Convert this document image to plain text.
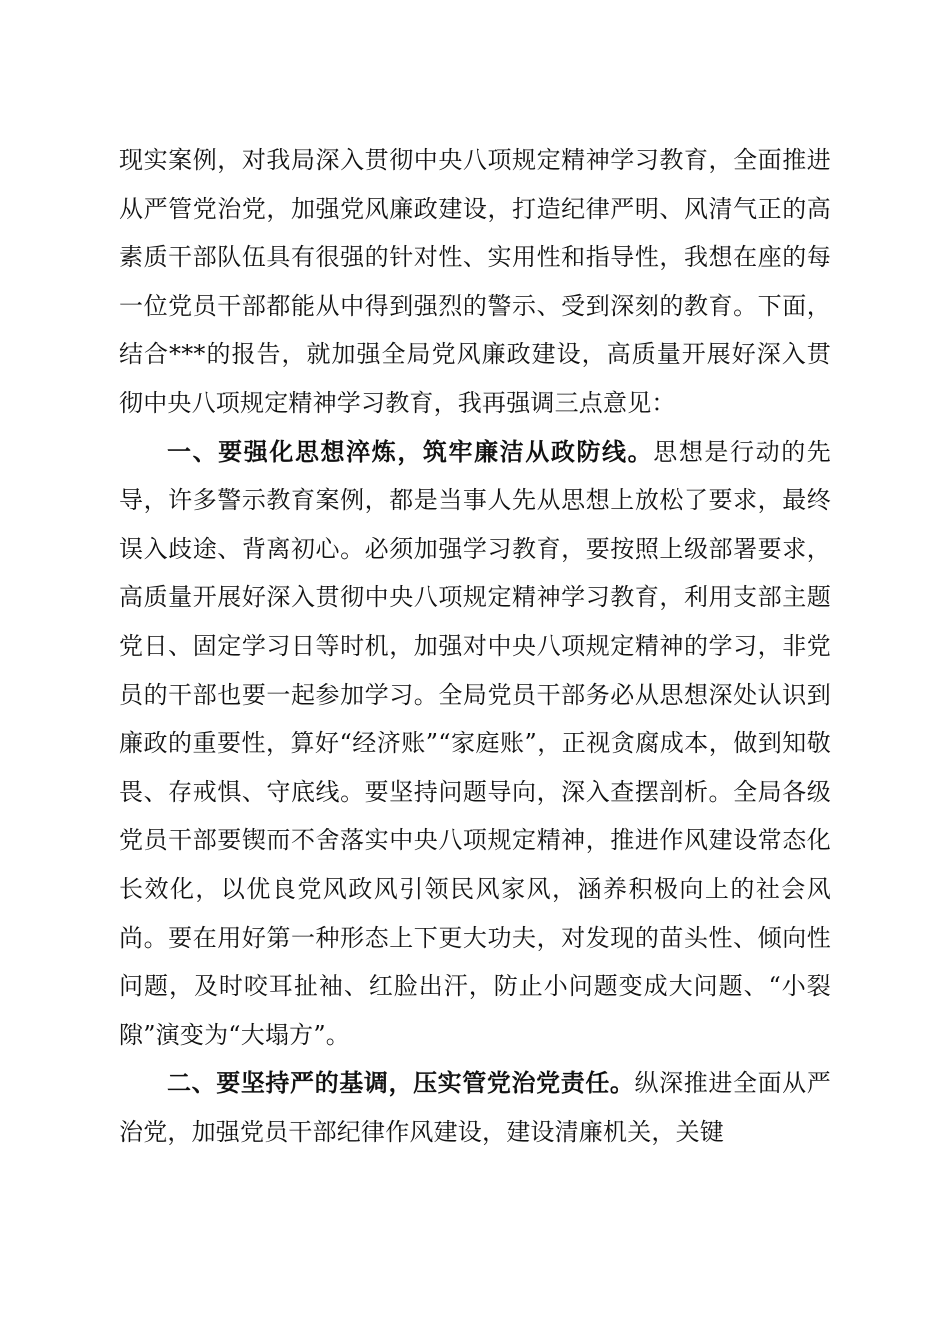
现实案例，对我局深入贯彻中央八项规定精神学习教育，全面推进从严管党治党，加强党风廉政建设，打造纪律严明、风清气正的高素质干部队伍具有很强的针对性、实用性和指导性，我想在座的每一位党员干部都能从中得到强烈的警示、受到深刻的教育。下面，结合***的报告，就加强全局党风廉政建设，高质量开展好深入贯彻中央八项规定精神学习教育，我再强调三点意见：

一、要强化思想淬炼，筑牢廉洁从政防线。思想是行动的先导，许多警示教育案例，都是当事人先从思想上放松了要求，最终误入歧途、背离初心。必须加强学习教育，要按照上级部署要求，高质量开展好深入贯彻中央八项规定精神学习教育，利用支部主题党日、固定学习日等时机，加强对中央八项规定精神的学习，非党员的干部也要一起参加学习。全局党员干部务必从思想深处认识到廉政的重要性，算好“经济账”“家庭账”，正视贪腐成本，做到知敬畏、存戒惧、守底线。要坚持问题导向，深入查摆剖析。全局各级党员干部要锲而不舍落实中央八项规定精神，推进作风建设常态化长效化，以优良党风政风引领民风家风，涵养积极向上的社会风尚。要在用好第一种形态上下更大功夫，对发现的苗头性、倾向性问题，及时咬耳扯袖、红脸出汗，防止小问题变成大问题、“小裂隙”演变为“大塌方”。

二、要坚持严的基调，压实管党治党责任。纵深推进全面从严治党，加强党员干部纪律作风建设，建设清廉机关，关键
